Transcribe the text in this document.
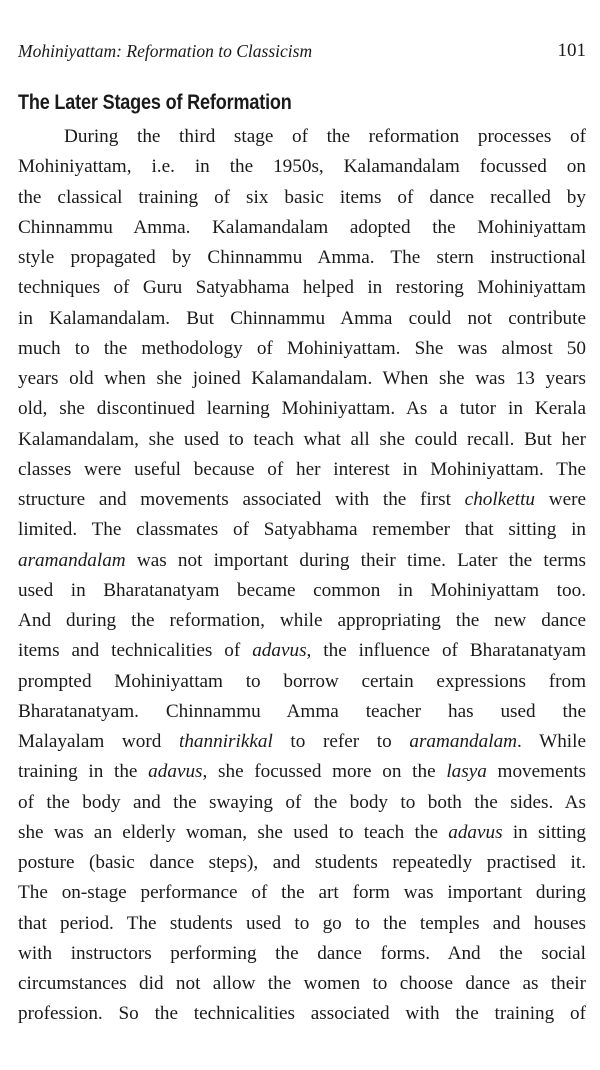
Mohiniyattam: Reformation to Classicism	101
The Later Stages of Reformation
During the third stage of the reformation processes of
Mohiniyattam, i.e. in the 1950s, Kalamandalam focussed on
the classical training of six basic items of dance recalled by
Chinnammu Amma. Kalamandalam adopted the Mohiniyattam
style propagated by Chinnammu Amma. The stern instructional
techniques of Guru Satyabhama helped in restoring Mohiniyattam
in Kalamandalam. But Chinnammu Amma could not contribute
much to the methodology of Mohiniyattam. She was almost 50
years old when she joined Kalamandalam. When she was 13 years
old, she discontinued learning Mohiniyattam. As a tutor in Kerala
Kalamandalam, she used to teach what all she could recall. But her
classes were useful because of her interest in Mohiniyattam. The
structure and movements associated with the first cholkettu were
limited. The classmates of Satyabhama remember that sitting in
aramandalam was not important during their time. Later the terms
used in Bharatanatyam became common in Mohiniyattam too.
And during the reformation, while appropriating the new dance
items and technicalities of adavus, the influence of Bharatanatyam
prompted Mohiniyattam to borrow certain expressions from
Bharatanatyam. Chinnammu Amma teacher has used the
Malayalam word thannirikkal to refer to aramandalam. While
training in the adavus, she focussed more on the lasya movements
of the body and the swaying of the body to both the sides. As
she was an elderly woman, she used to teach the adavus in sitting
posture (basic dance steps), and students repeatedly practised it.
The on-stage performance of the art form was important during
that period. The students used to go to the temples and houses
with instructors performing the dance forms. And the social
circumstances did not allow the women to choose dance as their
profession. So the technicalities associated with the training of
